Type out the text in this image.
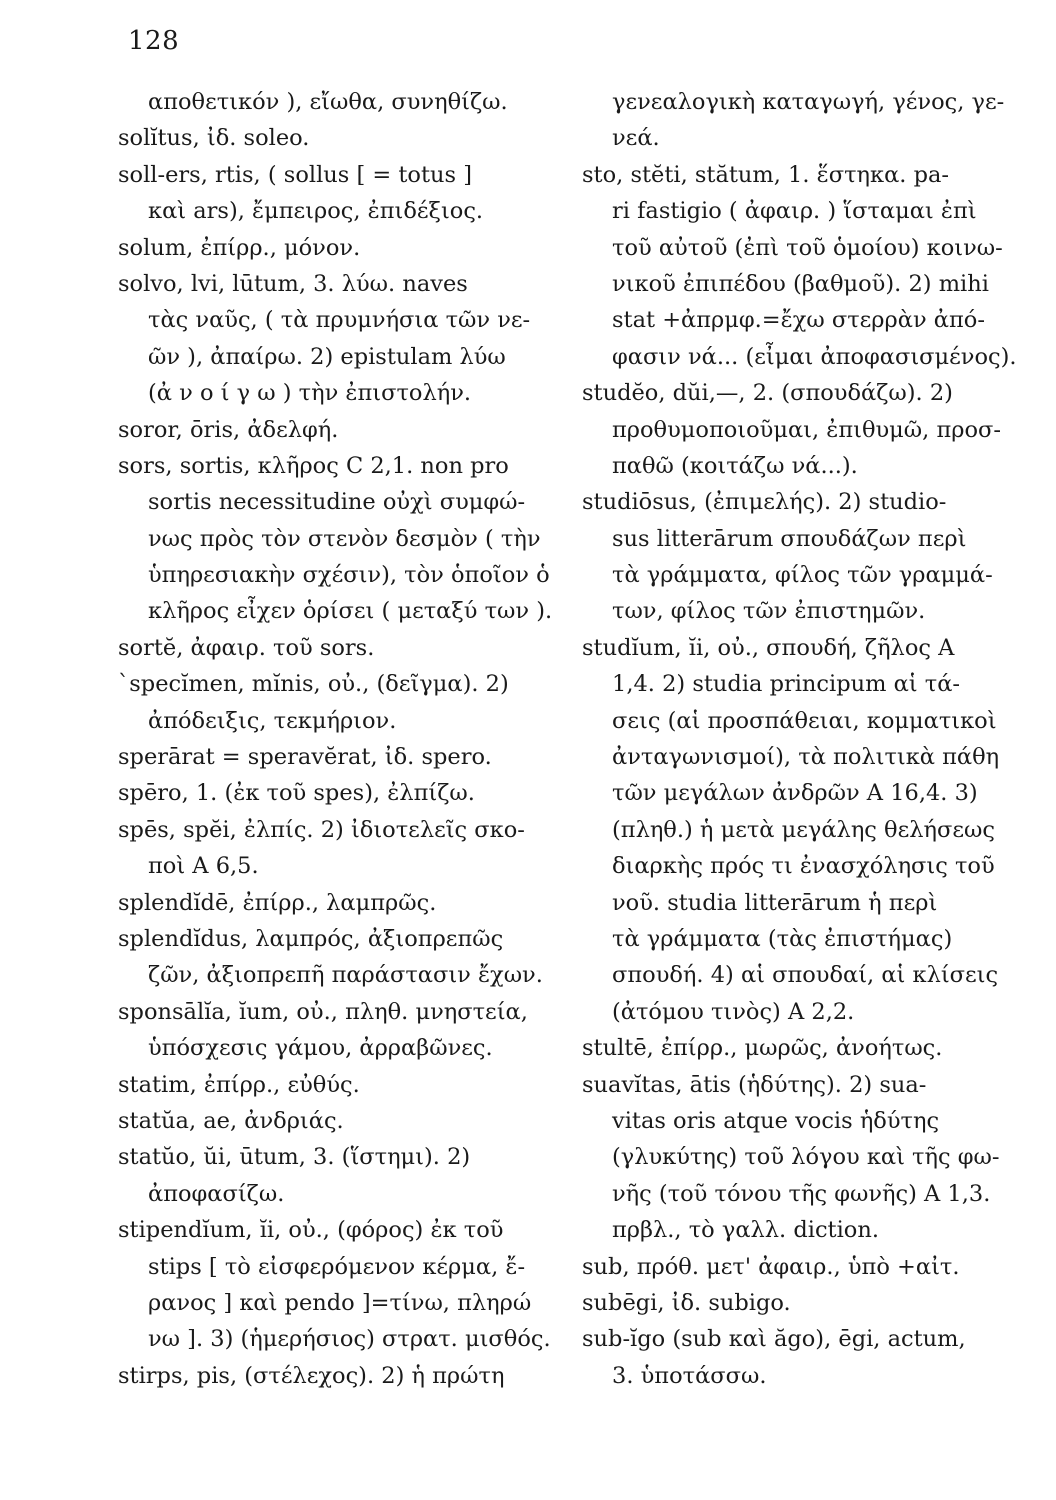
128
αποθετικόν ), εἴωθα, συνηθίζω.
solĭtus, ἰδ. soleo.
soll-ers, rtis, ( sollus [ = totus ]
καὶ ars), ἔμπειρος, ἐπιδέξιος.
solum, ἐπίρρ., μόνον.
solvo, lvi, lūtum, 3. λύω. naves
τὰς ναῦς, ( τὰ πρυμνήσια τῶν νε-
ῶν ), ἀπαίρω. 2) epistulam λύω
(ἀ ν ο ί γ ω ) τὴν ἐπιστολήν.
soror, ōris, ἀδελφή.
sors, sortis, κλῆρος C 2,1. non pro
sortis necessitudine οὐχὶ συμφώ-
νως πρὸς τὸν στενὸν δεσμὸν ( τὴν
ὑπηρεσιακὴν σχέσιν), τὸν ὁποῖον ὁ
κλῆρος εἶχεν ὁρίσει ( μεταξύ των ).
sortĕ, ἀφαιρ. τοῦ sors.
`specĭmen, mĭnis, οὐ., (δεῖγμα). 2)
ἀπόδειξις, τεκμήριον.
sperārat = speravĕrat, ἰδ. spero.
spēro, 1. (ἐκ τοῦ spes), ἐλπίζω.
spēs, spĕi, ἐλπίς. 2) ἰδιοτελεῖς σκο-
ποὶ A 6,5.
splendĭdē, ἐπίρρ., λαμπρῶς.
splendĭdus, λαμπρός, ἀξιοπρεπῶς
ζῶν, ἀξιοπρεπῆ παράστασιν ἔχων.
sponsālĭa, ĭum, οὐ., πληθ. μνηστεία,
ὑπόσχεσις γάμου, ἀρραβῶνες.
statim, ἐπίρρ., εὐθύς.
statŭa, ae, ἀνδριάς.
statŭo, ŭi, ūtum, 3. (ἵστημι). 2)
ἀποφασίζω.
stipendĭum, ĭi, οὐ., (φόρος) ἐκ τοῦ
stips [ τὸ εἰσφερόμενον κέρμα, ἔ-
ρανος ] καὶ pendo ]=τίνω, πληρώ
νω ]. 3) (ἡμερήσιος) στρατ. μισθός.
stirps, pis, (στέλεχος). 2) ἡ πρώτη
γενεαλογικὴ καταγωγή, γένος, γε-
νεά.
sto, stĕti, stătum, 1. ἕστηκα. pa-
ri fastigio ( ἀφαιρ. ) ἵσταμαι ἐπὶ
τοῦ αὐτοῦ (ἐπὶ τοῦ ὁμοίου) κοινω-
νικοῦ ἐπιπέδου (βαθμοῦ). 2) mihi
stat +ἀπρμφ.=ἔχω στερρὰν ἀπό-
φασιν νά... (εἶμαι ἀποφασισμένος).
studĕo, dŭi,—, 2. (σπουδάζω). 2)
προθυμοποιοῦμαι, ἐπιθυμῶ, προσ-
παθῶ (κοιτάζω νά...).
studiōsus, (ἐπιμελής). 2) studio-
sus litterārum σπουδάζων περὶ
τὰ γράμματα, φίλος τῶν γραμμά-
των, φίλος τῶν ἐπιστημῶν.
studĭum, ĭi, οὐ., σπουδή, ζῆλος A
1,4. 2) studia principum αἱ τά-
σεις (αἱ προσπάθειαι, κομματικοὶ
ἀνταγωνισμοί), τὰ πολιτικὰ πάθη
τῶν μεγάλων ἀνδρῶν A 16,4. 3)
(πληθ.) ἡ μετὰ μεγάλης θελήσεως
διαρκὴς πρός τι ἐνασχόλησις τοῦ
νοῦ. studia litterārum ἡ περὶ
τὰ γράμματα (τὰς ἐπιστήμας)
σπουδή. 4) αἱ σπουδαί, αἱ κλίσεις
(ἀτόμου τινὸς) A 2,2.
stultē, ἐπίρρ., μωρῶς, ἀνοήτως.
suavĭtas, ātis (ἡδύτης). 2) sua-
vitas oris atque vocis ἡδύτης
(γλυκύτης) τοῦ λόγου καὶ τῆς φω-
νῆς (τοῦ τόνου τῆς φωνῆς) A 1,3.
πρβλ., τὸ γαλλ. diction.
sub, πρόθ. μετ' ἀφαιρ., ὑπὸ +αἰτ.
subēgi, ἰδ. subigo.
sub-ĭgo (sub καὶ ăgo), ēgi, actum,
3. ὑποτάσσω.
